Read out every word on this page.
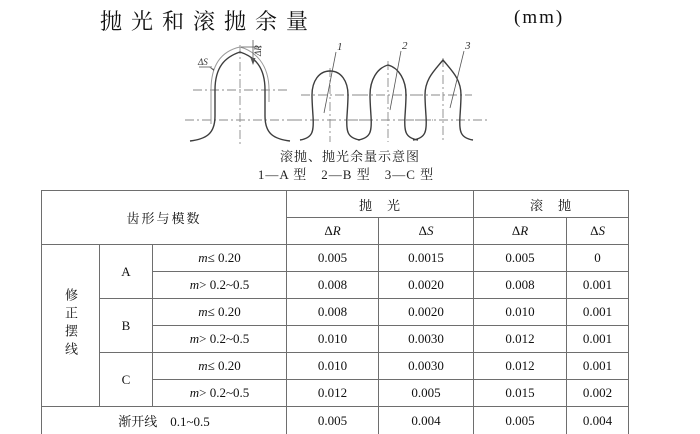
抛光和滚抛余量	(mm)
ΔS
ΔR	1	2	3
滚抛、抛光余量示意图
1—A 型　2—B 型　3—C 型
齿形与模数			抛　光		滚　抛	
			ΔR	ΔS	ΔR	ΔS
修正摆线	A	m≤ 0.20	0.005	0.0015	0.005	0
		m> 0.2~0.5	0.008	0.0020	0.008	0.001
	B	m≤ 0.20	0.008	0.0020	0.010	0.001
		m> 0.2~0.5	0.010	0.0030	0.012	0.001
	C	m≤ 0.20	0.010	0.0030	0.012	0.001
		m> 0.2~0.5	0.012	0.005	0.015	0.002
渐开线　0.1~0.5			0.005	0.004	0.005	0.004
